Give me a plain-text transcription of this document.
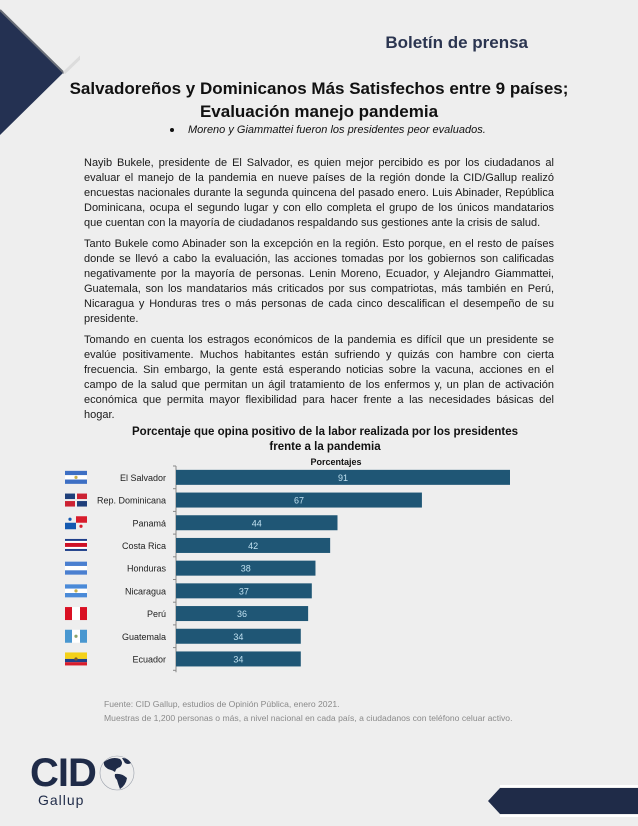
Boletín de prensa
Salvadoreños y Dominicanos Más Satisfechos entre 9 países;
Evaluación manejo pandemia
Moreno y Giammattei fueron los presidentes peor evaluados.

Nayib Bukele, presidente de El Salvador, es quien mejor percibido es por los ciudadanos al evaluar el manejo de la pandemia en nueve países de la región donde la CID/Gallup realizó encuestas nacionales durante la segunda quincena del pasado enero. Luis Abinader, República Dominicana, ocupa el segundo lugar y con ello completa el grupo de los únicos mandatarios que cuentan con la mayoría de ciudadanos respaldando sus gestiones ante la crisis de salud.

Tanto Bukele como Abinader son la excepción en la región. Esto porque, en el resto de países donde se llevó a cabo la evaluación, las acciones tomadas por los gobiernos son calificadas negativamente por la mayoría de personas. Lenin Moreno, Ecuador, y Alejandro Giammattei, Guatemala, son los mandatarios más criticados por sus compatriotas, más también en Perú, Nicaragua y Honduras tres o más personas de cada cinco descalifican el desempeño de su presidente.

Tomando en cuenta los estragos económicos de la pandemia es difícil que un presidente se evalúe positivamente. Muchos habitantes están sufriendo y quizás con hambre con cierta frecuencia. Sin embargo, la gente está esperando noticias sobre la vacuna, acciones en el campo de la salud que permitan un ágil tratamiento de los enfermos y, un plan de activación económica que permita mayor flexibilidad para hacer frente a las necesidades básicas del hogar.

Porcentaje que opina positivo de la labor realizada por los presidentes
frente a la pandemia
Porcentajes
91
El Salvador
67
Rep. Dominicana
44
Panamá
42
Costa Rica
38
Honduras
37
Nicaragua
36
Perú
34
Guatemala
34
Ecuador
Fuente: CID Gallup, estudios de Opinión Pública, enero 2021.
Muestras de 1,200 personas o más, a nivel nacional en cada país, a ciudadanos con teléfono celuar activo.
CID
Gallup
